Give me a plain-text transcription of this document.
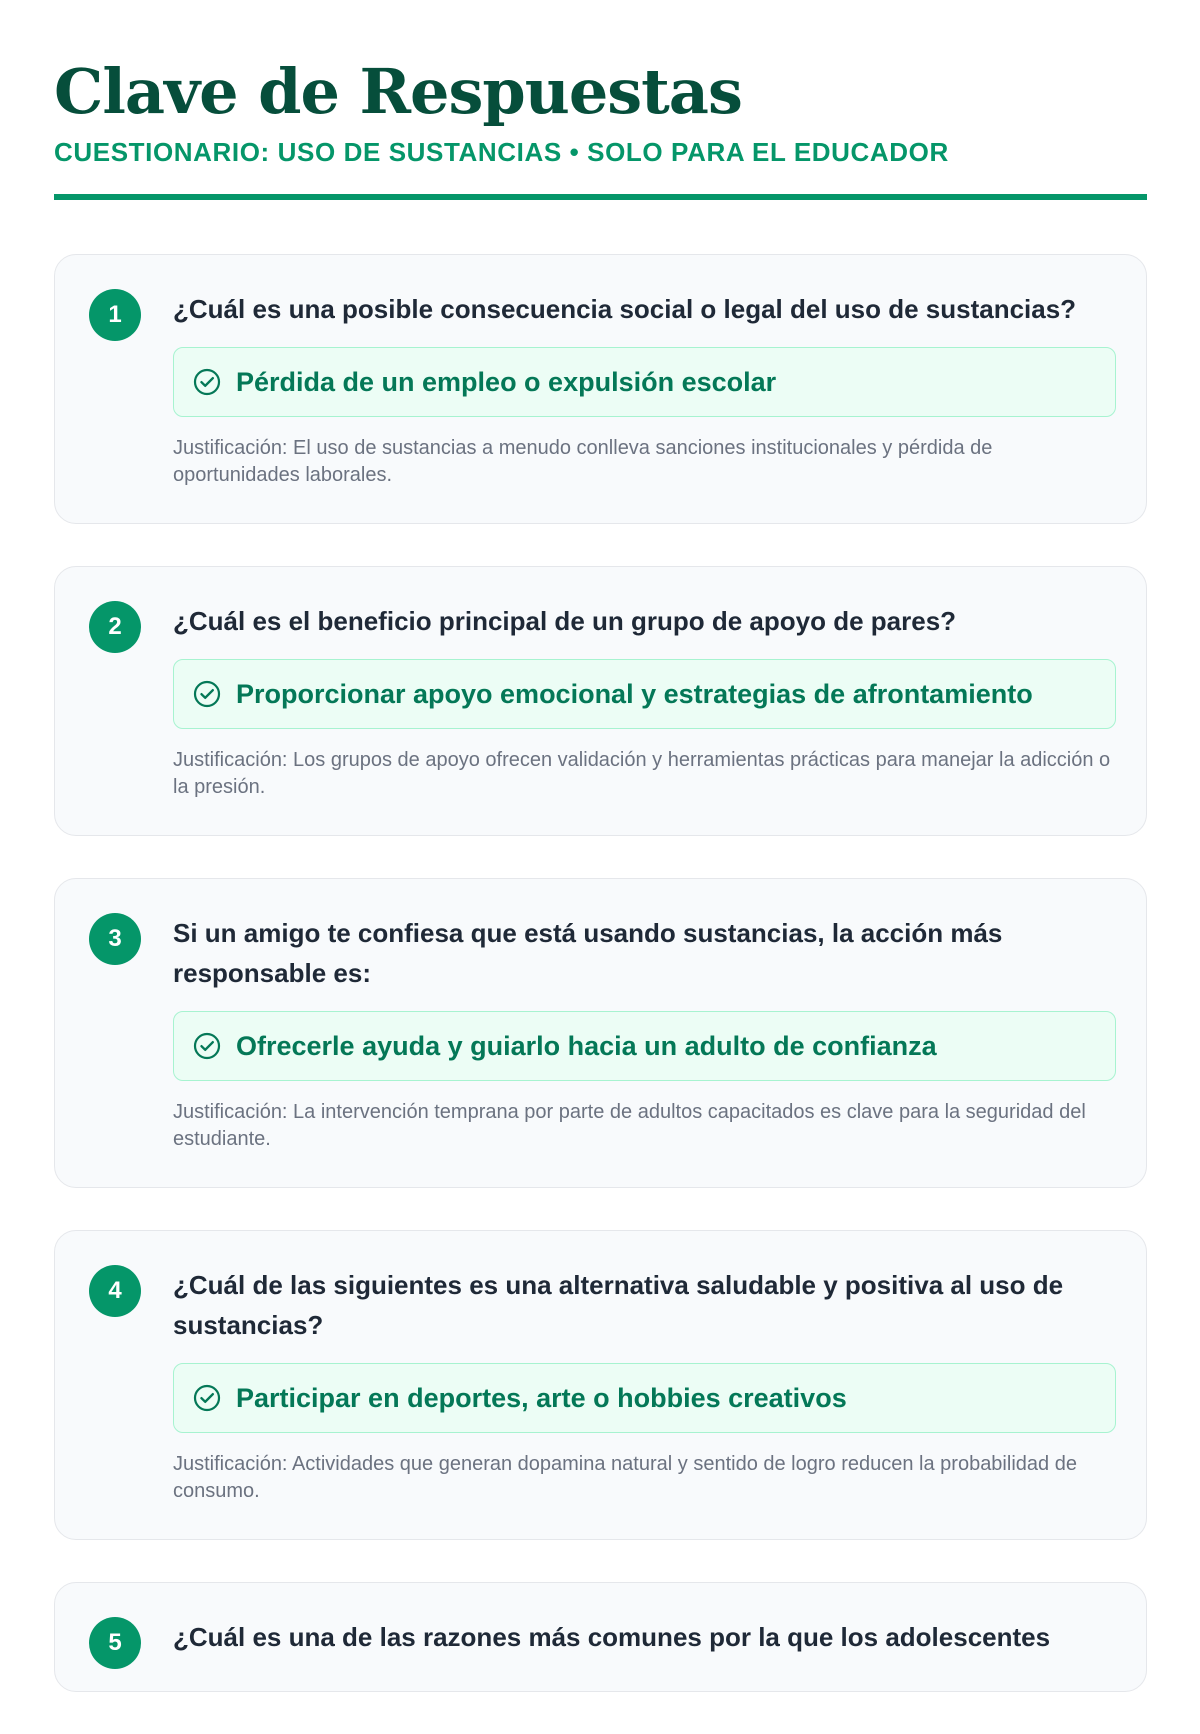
Clave de Respuestas

CUESTIONARIO: USO DE SUSTANCIAS • SOLO PARA EL EDUCADOR

1	¿Cuál es una posible consecuencia social o legal del uso de sustancias?
Pérdida de un empleo o expulsión escolar

Justificación: El uso de sustancias a menudo conlleva sanciones institucionales y pérdida de oportunidades laborales.

2	¿Cuál es el beneficio principal de un grupo de apoyo de pares?
Proporcionar apoyo emocional y estrategias de afrontamiento

Justificación: Los grupos de apoyo ofrecen validación y herramientas prácticas para manejar la adicción o la presión.

3	Si un amigo te confiesa que está usando sustancias, la acción más responsable es:
Ofrecerle ayuda y guiarlo hacia un adulto de confianza

Justificación: La intervención temprana por parte de adultos capacitados es clave para la seguridad del estudiante.

4	¿Cuál de las siguientes es una alternativa saludable y positiva al uso de sustancias?
Participar en deportes, arte o hobbies creativos

Justificación: Actividades que generan dopamina natural y sentido de logro reducen la probabilidad de consumo.

5	¿Cuál es una de las razones más comunes por la que los adolescentes
